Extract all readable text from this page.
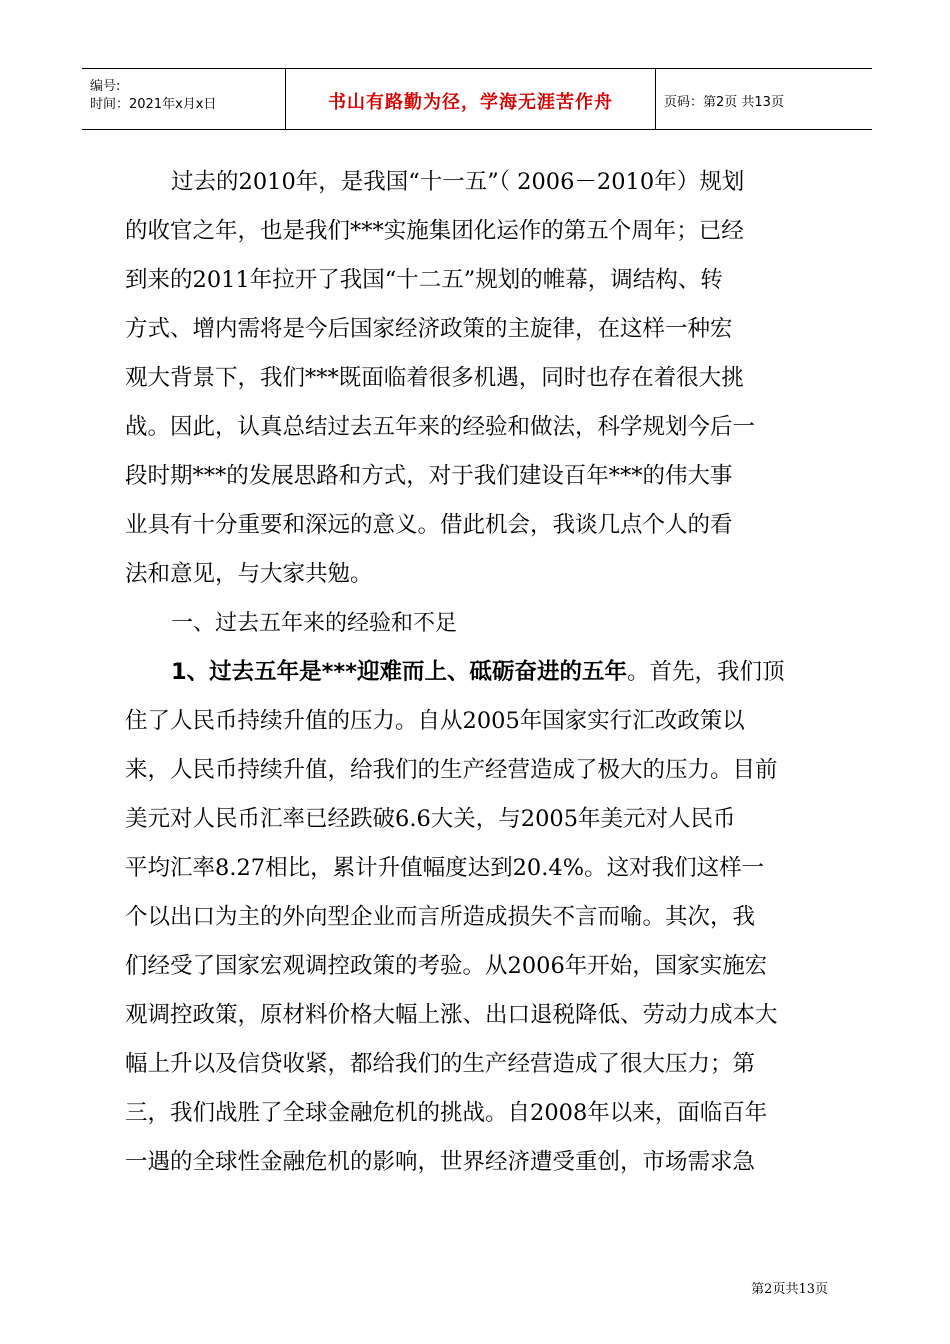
编号:
时间：2021年x月x日	书山有路勤为径，学海无涯苦作舟	页码：第2页 共13页
过去的2010年，是我国“十一五”（ 2006－2010年）规划
的收官之年，也是我们***实施集团化运作的第五个周年；已经
到来的2011年拉开了我国“十二五”规划的帷幕，调结构、转
方式、增内需将是今后国家经济政策的主旋律，在这样一种宏
观大背景下，我们***既面临着很多机遇，同时也存在着很大挑
战。因此，认真总结过去五年来的经验和做法，科学规划今后一
段时期***的发展思路和方式，对于我们建设百年***的伟大事
业具有十分重要和深远的意义。借此机会，我谈几点个人的看
法和意见，与大家共勉。
一、过去五年来的经验和不足
1、过去五年是***迎难而上、砥砺奋进的五年。首先，我们顶
住了人民币持续升值的压力。自从2005年国家实行汇改政策以
来，人民币持续升值，给我们的生产经营造成了极大的压力。目前
美元对人民币汇率已经跌破6.6大关，与2005年美元对人民币
平均汇率8.27相比，累计升值幅度达到20.4%。这对我们这样一
个以出口为主的外向型企业而言所造成损失不言而喻。其次，我
们经受了国家宏观调控政策的考验。从2006年开始，国家实施宏
观调控政策，原材料价格大幅上涨、出口退税降低、劳动力成本大
幅上升以及信贷收紧，都给我们的生产经营造成了很大压力；第
三，我们战胜了全球金融危机的挑战。自2008年以来，面临百年
一遇的全球性金融危机的影响，世界经济遭受重创，市场需求急
第2页共13页
